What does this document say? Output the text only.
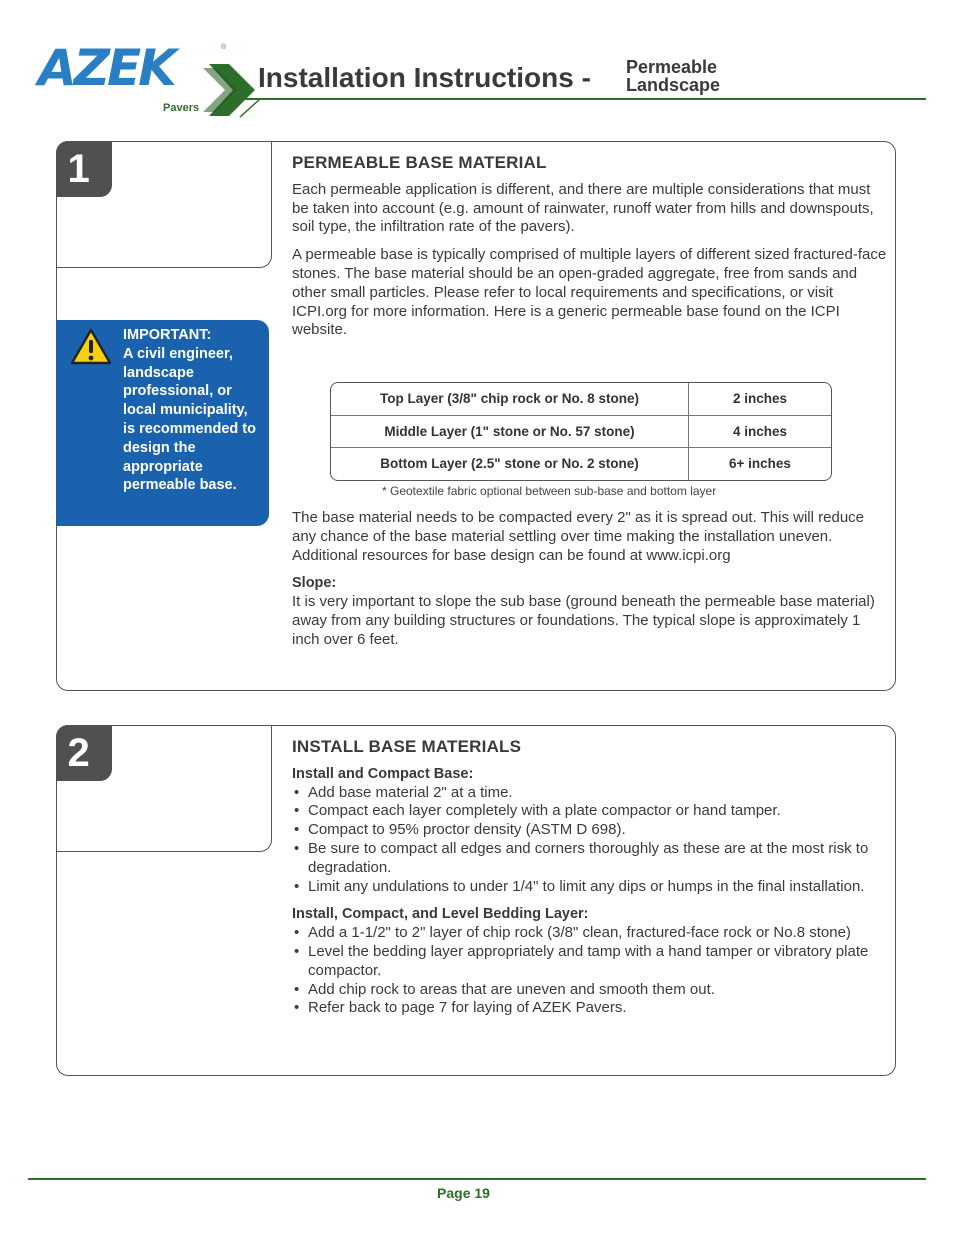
AZEK	®
Pavers
Installation Instructions - Permeable
Landscape
1	PERMEABLE BASE MATERIAL

Each permeable application is different, and there are multiple considerations that must be taken into account (e.g. amount of rainwater, runoff water from hills and downspouts, soil type, the infiltration rate of the pavers).

A permeable base is typically comprised of multiple layers of different sized fractured-face stones. The base material should be an open-graded aggregate, free from sands and other small particles. Please refer to local requirements and specifications, or visit ICPI.org for more information. Here is a generic permeable base found on the ICPI website.

The base material needs to be compacted every 2" as it is spread out. This will reduce any chance of the base material settling over time making the installation uneven. Additional resources for base design can be found at www.icpi.org

Slope:

It is very important to slope the sub base (ground beneath the permeable base material) away from any building structures or foundations. The typical slope is approximately 1 inch over 6 feet.

IMPORTANT:
A civil engineer, landscape professional, or local municipality, is recommended to design the appropriate permeable base.
Top Layer (3/8" chip rock or No. 8 stone)	2 inches
Middle Layer (1" stone or No. 57 stone)	4 inches
Bottom Layer (2.5" stone or No. 2 stone)	6+ inches
* Geotextile fabric optional between sub-base and bottom layer
2	INSTALL BASE MATERIALS

Install and Compact Base:

• Add base material 2" at a time.
• Compact each layer completely with a plate compactor or hand tamper.
• Compact to 95% proctor density (ASTM D 698).
• Be sure to compact all edges and corners thoroughly as these are at the most risk to degradation.
• Limit any undulations to under 1/4" to limit any dips or humps in the final installation.

Install, Compact, and Level Bedding Layer:

• Add a 1-1/2" to 2" layer of chip rock (3/8" clean, fractured-face rock or No.8 stone)
• Level the bedding layer appropriately and tamp with a hand tamper or vibratory plate compactor.
• Add chip rock to areas that are uneven and smooth them out.
• Refer back to page 7 for laying of AZEK Pavers.
Page 19
